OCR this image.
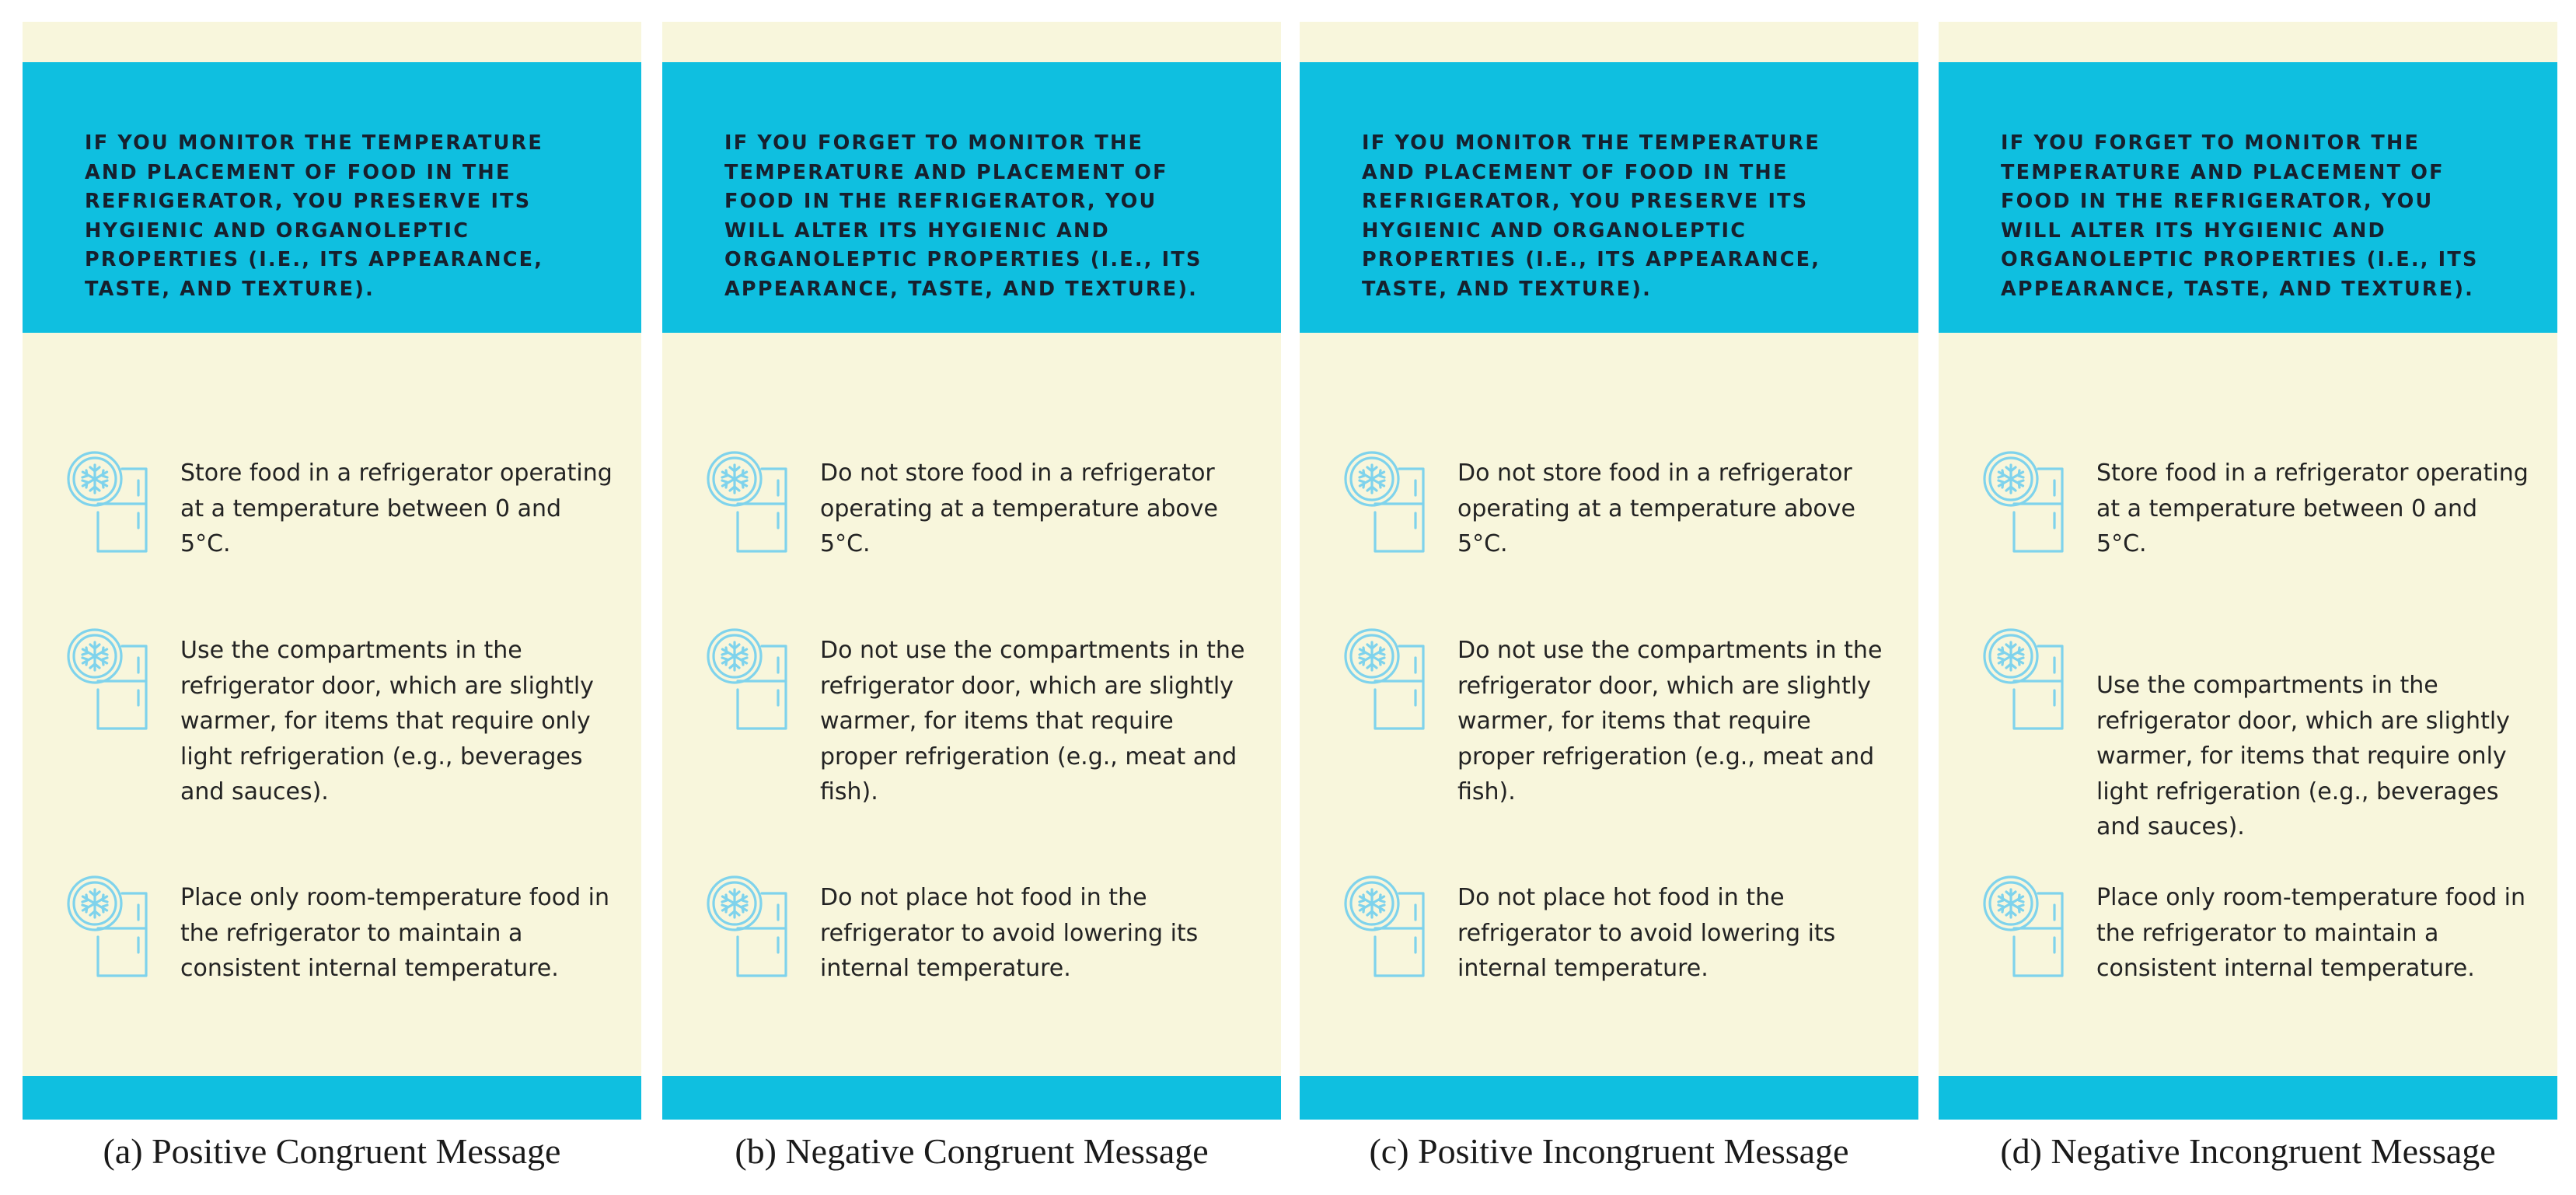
IF YOU MONITOR THE TEMPERATURE AND PLACEMENT OF FOOD IN THE REFRIGERATOR, YOU PRESERVE ITS HYGIENIC AND ORGANOLEPTIC PROPERTIES (I.E., ITS APPEARANCE, TASTE, AND TEXTURE).
Store food in a refrigerator operating at a temperature between 0 and 5°C.
Use the compartments in the refrigerator door, which are slightly warmer, for items that require only light refrigeration (e.g., beverages and sauces).
Place only room-temperature food in the refrigerator to maintain a consistent internal temperature.
(a) Positive Congruent Message
IF YOU FORGET TO MONITOR THE TEMPERATURE AND PLACEMENT OF FOOD IN THE REFRIGERATOR, YOU WILL ALTER ITS HYGIENIC AND ORGANOLEPTIC PROPERTIES (I.E., ITS APPEARANCE, TASTE, AND TEXTURE).
Do not store food in a refrigerator operating at a temperature above 5°C.
Do not use the compartments in the refrigerator door, which are slightly warmer, for items that require proper refrigeration (e.g., meat and fish).
Do not place hot food in the refrigerator to avoid lowering its internal temperature.
(b) Negative Congruent Message
IF YOU MONITOR THE TEMPERATURE AND PLACEMENT OF FOOD IN THE REFRIGERATOR, YOU PRESERVE ITS HYGIENIC AND ORGANOLEPTIC PROPERTIES (I.E., ITS APPEARANCE, TASTE, AND TEXTURE).
Do not store food in a refrigerator operating at a temperature above 5°C.
Do not use the compartments in the refrigerator door, which are slightly warmer, for items that require proper refrigeration (e.g., meat and fish).
Do not place hot food in the refrigerator to avoid lowering its internal temperature.
(c) Positive Incongruent Message
IF YOU FORGET TO MONITOR THE TEMPERATURE AND PLACEMENT OF FOOD IN THE REFRIGERATOR, YOU WILL ALTER ITS HYGIENIC AND ORGANOLEPTIC PROPERTIES (I.E., ITS APPEARANCE, TASTE, AND TEXTURE).
Store food in a refrigerator operating at a temperature between 0 and 5°C.
Use the compartments in the refrigerator door, which are slightly warmer, for items that require only light refrigeration (e.g., beverages and sauces).
Place only room-temperature food in the refrigerator to maintain a consistent internal temperature.
(d) Negative Incongruent Message
